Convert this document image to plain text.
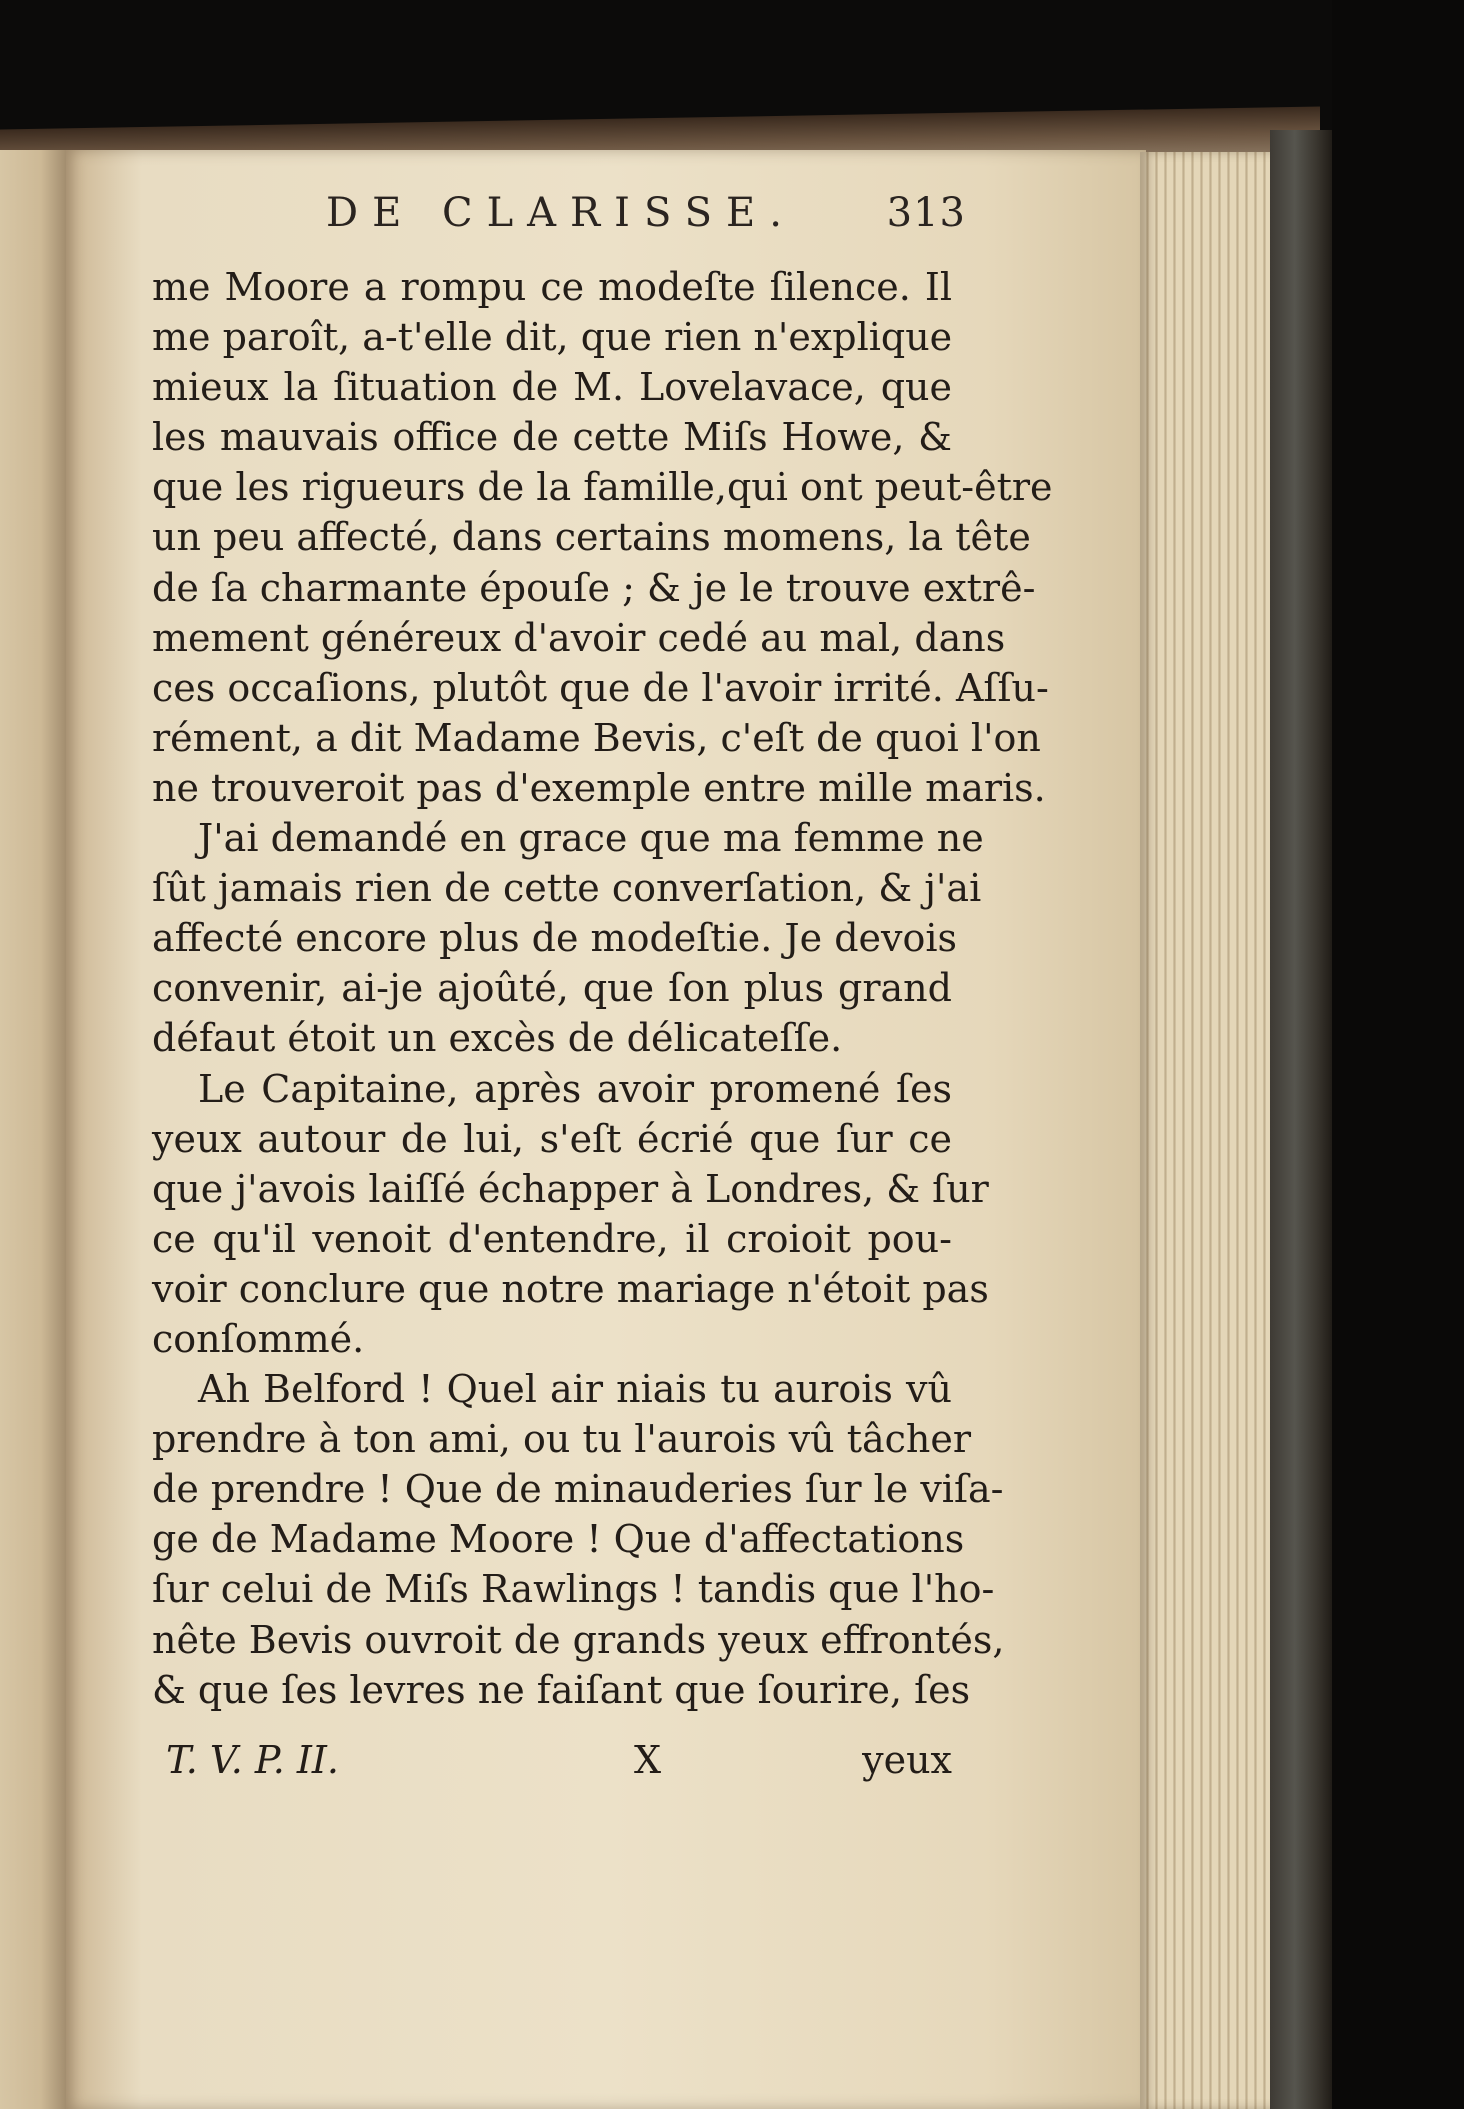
DE CLARISSE. 313
me Moore a rompu ce modeſte ſilence. Il
me paroît, a-t'elle dit, que rien n'explique
mieux la ſituation de M. Lovelavace, que
les mauvais office de cette Miſs Howe, &
que les rigueurs de la famille,qui ont peut-être
un peu affecté, dans certains momens, la tête
de ſa charmante épouſe ; & je le trouve extrê-
mement généreux d'avoir cedé au mal, dans
ces occaſions, plutôt que de l'avoir irrité. Aſſu-
rément, a dit Madame Bevis, c'eſt de quoi l'on
ne trouveroit pas d'exemple entre mille maris.
J'ai demandé en grace que ma femme ne
ſût jamais rien de cette converſation, & j'ai
affecté encore plus de modeſtie. Je devois
convenir, ai-je ajoûté, que ſon plus grand
défaut étoit un excès de délicateſſe.
Le Capitaine, après avoir promené ſes
yeux autour de lui, s'eſt écrié que ſur ce
que j'avois laiſſé échapper à Londres, & ſur
ce qu'il venoit d'entendre, il croioit pou-
voir conclure que notre mariage n'étoit pas
conſommé.
Ah Belford ! Quel air niais tu aurois vû
prendre à ton ami, ou tu l'aurois vû tâcher
de prendre ! Que de minauderies ſur le viſa-
ge de Madame Moore ! Que d'affectations
ſur celui de Miſs Rawlings ! tandis que l'ho-
nête Bevis ouvroit de grands yeux effrontés,
& que ſes levres ne faiſant que ſourire, ſes
T. V. P. II.	X	yeux
